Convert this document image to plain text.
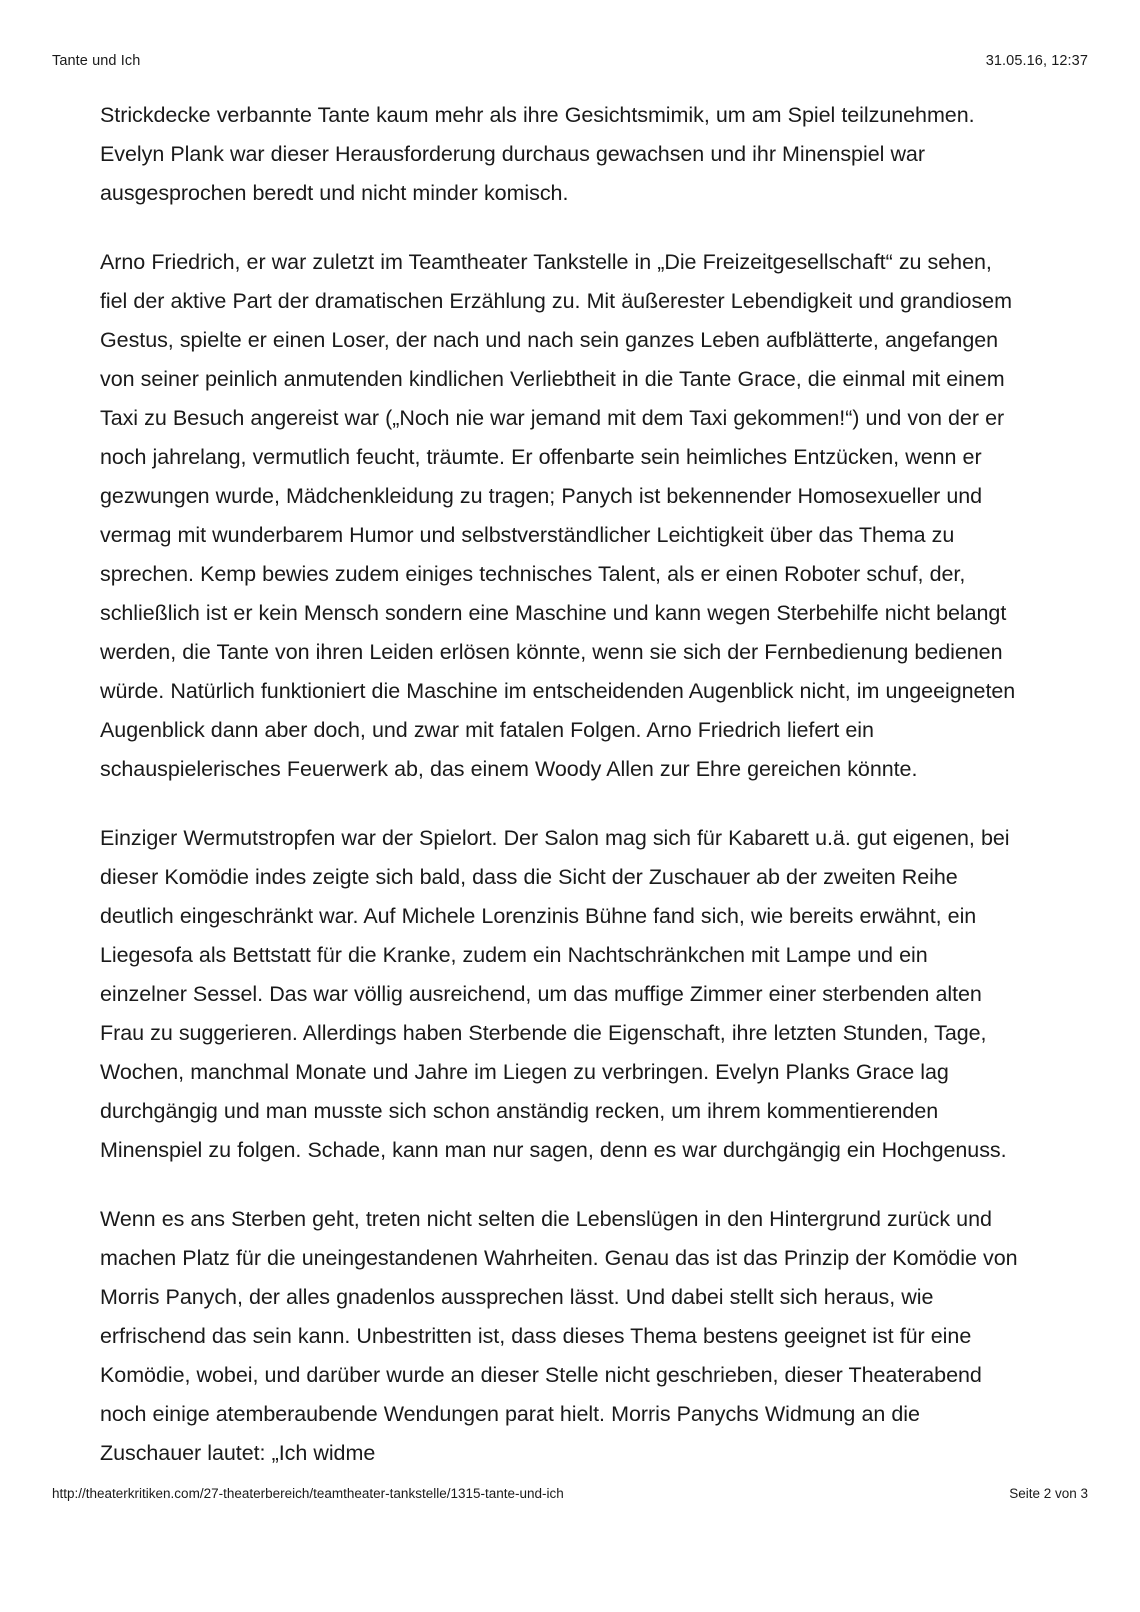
Tante und Ich	31.05.16, 12:37

Strickdecke verbannte Tante kaum mehr als ihre Gesichtsmimik, um am Spiel teilzunehmen. Evelyn Plank war dieser Herausforderung durchaus gewachsen und ihr Minenspiel war ausgesprochen beredt und nicht minder komisch.

Arno Friedrich, er war zuletzt im Teamtheater Tankstelle in „Die Freizeitgesellschaft“ zu sehen, fiel der aktive Part der dramatischen Erzählung zu. Mit äußerester Lebendigkeit und grandiosem Gestus, spielte er einen Loser, der nach und nach sein ganzes Leben aufblätterte, angefangen von seiner peinlich anmutenden kindlichen Verliebtheit in die Tante Grace, die einmal mit einem Taxi zu Besuch angereist war („Noch nie war jemand mit dem Taxi gekommen!“) und von der er noch jahrelang, vermutlich feucht, träumte. Er offenbarte sein heimliches Entzücken, wenn er gezwungen wurde, Mädchenkleidung zu tragen; Panych ist bekennender Homosexueller und vermag mit wunderbarem Humor und selbstverständlicher Leichtigkeit über das Thema zu sprechen. Kemp bewies zudem einiges technisches Talent, als er einen Roboter schuf, der, schließlich ist er kein Mensch sondern eine Maschine und kann wegen Sterbehilfe nicht belangt werden, die Tante von ihren Leiden erlösen könnte, wenn sie sich der Fernbedienung bedienen würde. Natürlich funktioniert die Maschine im entscheidenden Augenblick nicht, im ungeeigneten Augenblick dann aber doch, und zwar mit fatalen Folgen. Arno Friedrich liefert ein schauspielerisches Feuerwerk ab, das einem Woody Allen zur Ehre gereichen könnte.

Einziger Wermutstropfen war der Spielort. Der Salon mag sich für Kabarett u.ä. gut eigenen, bei dieser Komödie indes zeigte sich bald, dass die Sicht der Zuschauer ab der zweiten Reihe deutlich eingeschränkt war. Auf Michele Lorenzinis Bühne fand sich, wie bereits erwähnt, ein Liegesofa als Bettstatt für die Kranke, zudem ein Nachtschränkchen mit Lampe und ein einzelner Sessel. Das war völlig ausreichend, um das muffige Zimmer einer sterbenden alten Frau zu suggerieren. Allerdings haben Sterbende die Eigenschaft, ihre letzten Stunden, Tage, Wochen, manchmal Monate und Jahre im Liegen zu verbringen. Evelyn Planks Grace lag durchgängig und man musste sich schon anständig recken, um ihrem kommentierenden Minenspiel zu folgen. Schade, kann man nur sagen, denn es war durchgängig ein Hochgenuss.

Wenn es ans Sterben geht, treten nicht selten die Lebenslügen in den Hintergrund zurück und machen Platz für die uneingestandenen Wahrheiten. Genau das ist das Prinzip der Komödie von Morris Panych, der alles gnadenlos aussprechen lässt. Und dabei stellt sich heraus, wie erfrischend das sein kann. Unbestritten ist, dass dieses Thema bestens geeignet ist für eine Komödie, wobei, und darüber wurde an dieser Stelle nicht geschrieben, dieser Theaterabend noch einige atemberaubende Wendungen parat hielt. Morris Panychs Widmung an die Zuschauer lautet: „Ich widme

http://theaterkritiken.com/27-theaterbereich/teamtheater-tankstelle/1315-tante-und-ich	Seite 2 von 3
